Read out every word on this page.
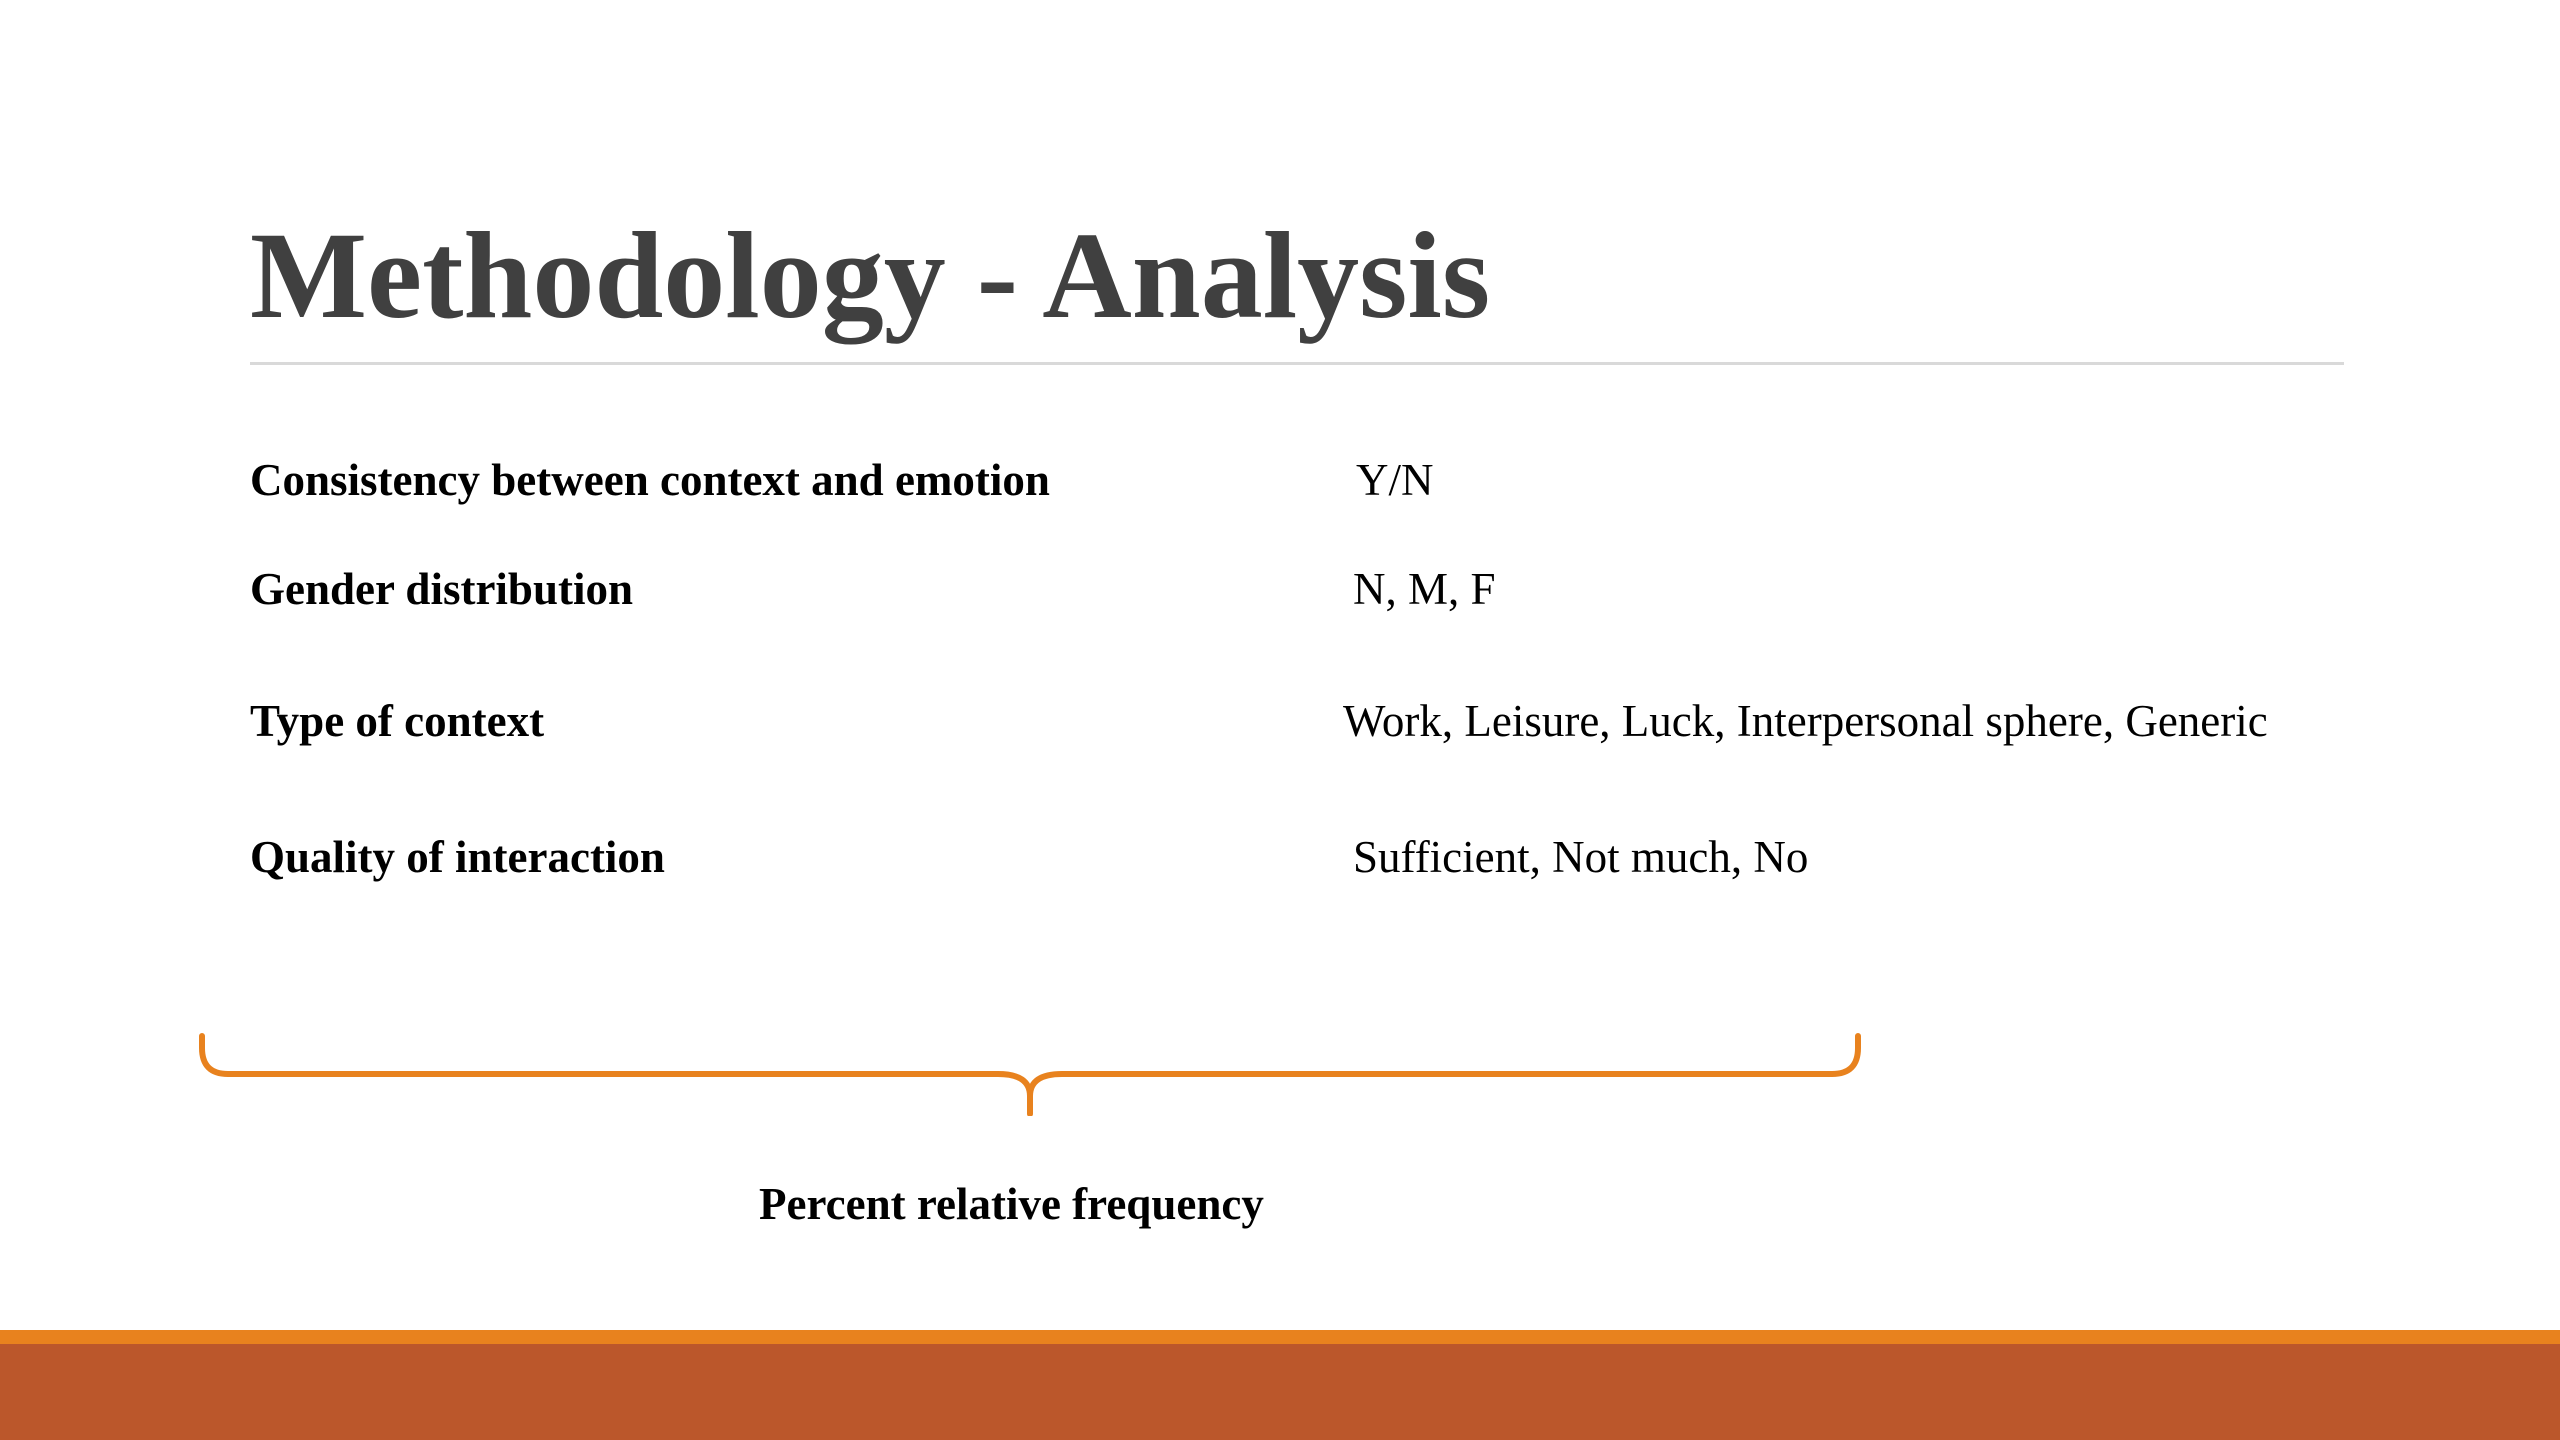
Methodology - Analysis
Consistency between context and emotion	Y/N
Gender distribution	N, M, F
Type of context	Work, Leisure, Luck, Interpersonal sphere, Generic
Quality of interaction	Sufficient, Not much, No
Percent relative frequency
